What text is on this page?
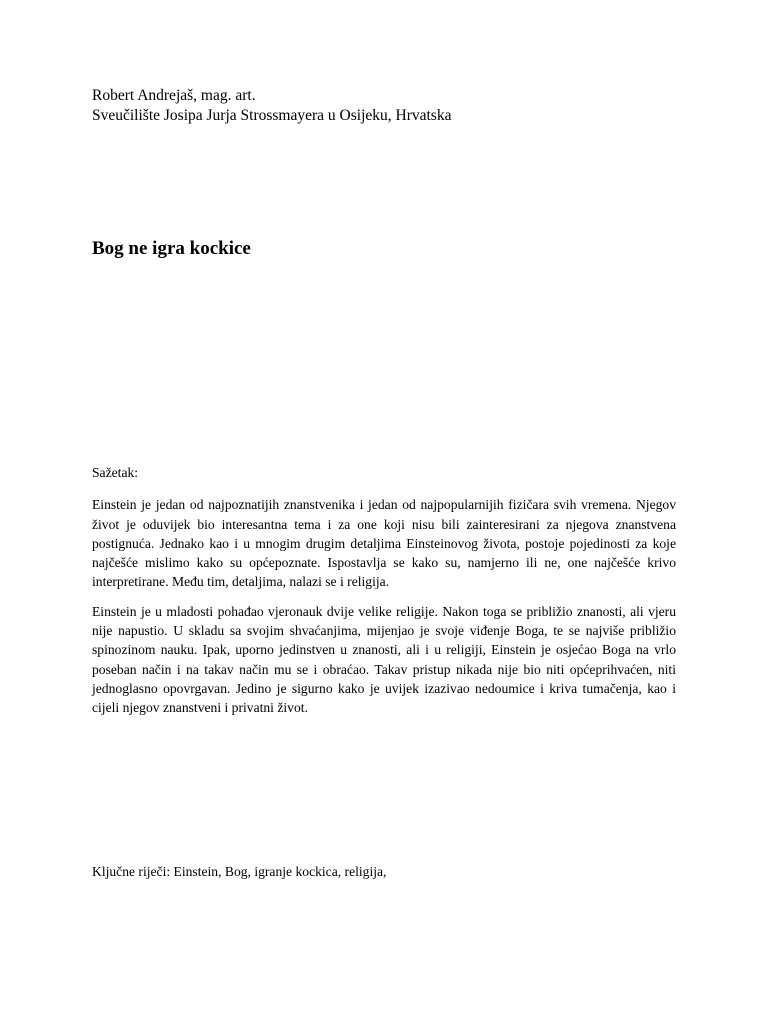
Robert Andrejaš, mag. art.
Sveučilište Josipa Jurja Strossmayera u Osijeku, Hrvatska
Bog ne igra kockice
Sažetak:

Einstein je jedan od najpoznatijih znanstvenika i jedan od najpopularnijih fizičara svih vremena. Njegov život je oduvijek bio interesantna tema i za one koji nisu bili zainteresirani za njegova znanstvena postignuća. Jednako kao i u mnogim drugim detaljima Einsteinovog života, postoje pojedinosti za koje najčešće mislimo kako su općepoznate. Ispostavlja se kako su, namjerno ili ne, one najčešće krivo interpretirane. Među tim, detaljima, nalazi se i religija.

Einstein je u mladosti pohađao vjeronauk dvije velike religije. Nakon toga se približio znanosti, ali vjeru nije napustio. U skladu sa svojim shvaćanjima, mijenjao je svoje viđenje Boga, te se najviše približio spinozinom nauku. Ipak, uporno jedinstven u znanosti, ali i u religiji, Einstein je osjećao Boga na vrlo poseban način i na takav način mu se i obraćao. Takav pristup nikada nije bio niti općeprihvaćen, niti jednoglasno opovrgavan. Jedino je sigurno kako je uvijek izazivao nedoumice i kriva tumačenja, kao i cijeli njegov znanstveni i privatni život.

Ključne riječi: Einstein, Bog, igranje kockica, religija,
